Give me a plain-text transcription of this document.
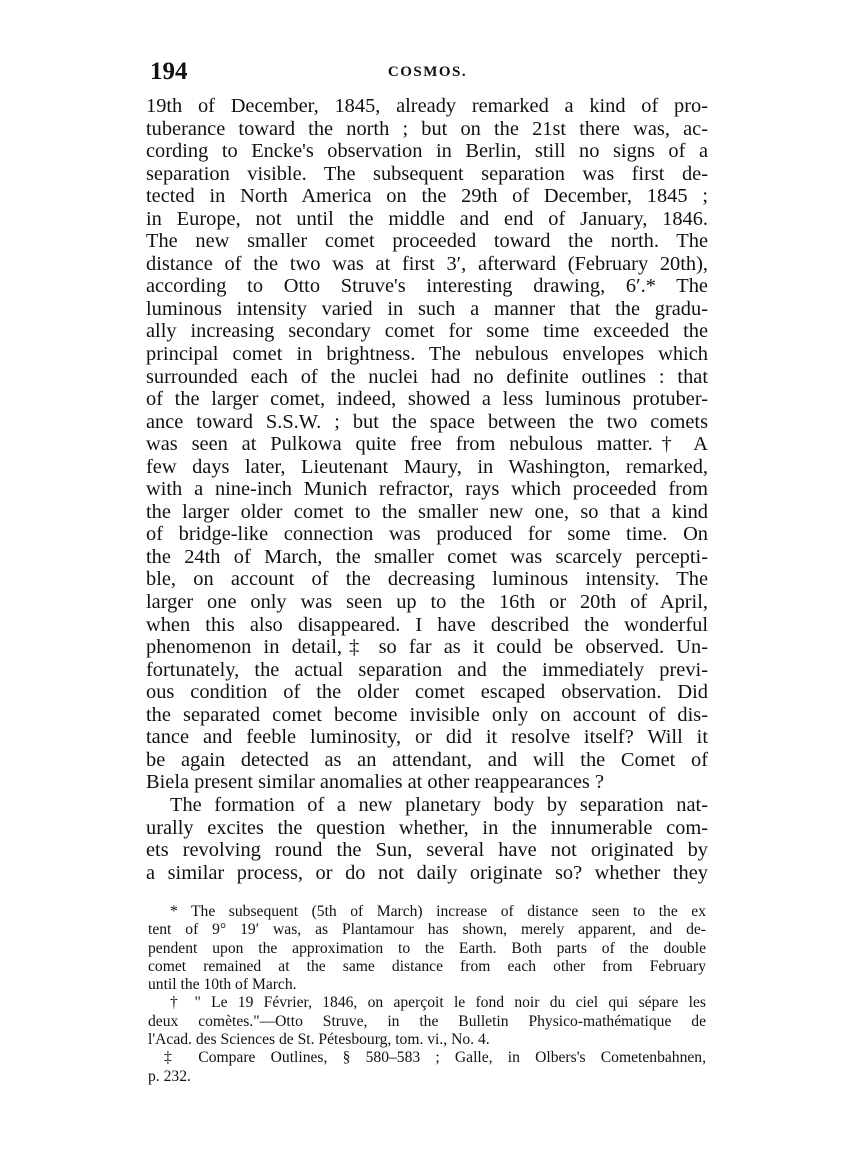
194	COSMOS.
19th of December, 1845, already remarked a kind of pro-
tuberance toward the north ; but on the 21st there was, ac-
cording to Encke's observation in Berlin, still no signs of a
separation visible. The subsequent separation was first de-
tected in North America on the 29th of December, 1845 ;
in Europe, not until the middle and end of January, 1846.
The new smaller comet proceeded toward the north. The
distance of the two was at first 3′, afterward (February 20th),
according to Otto Struve's interesting drawing, 6′.* The
luminous intensity varied in such a manner that the gradu-
ally increasing secondary comet for some time exceeded the
principal comet in brightness. The nebulous envelopes which
surrounded each of the nuclei had no definite outlines : that
of the larger comet, indeed, showed a less luminous protuber-
ance toward S.S.W. ; but the space between the two comets
was seen at Pulkowa quite free from nebulous matter.† A
few days later, Lieutenant Maury, in Washington, remarked,
with a nine-inch Munich refractor, rays which proceeded from
the larger older comet to the smaller new one, so that a kind
of bridge-like connection was produced for some time. On
the 24th of March, the smaller comet was scarcely percepti-
ble, on account of the decreasing luminous intensity. The
larger one only was seen up to the 16th or 20th of April,
when this also disappeared. I have described the wonderful
phenomenon in detail,‡ so far as it could be observed. Un-
fortunately, the actual separation and the immediately previ-
ous condition of the older comet escaped observation. Did
the separated comet become invisible only on account of dis-
tance and feeble luminosity, or did it resolve itself? Will it
be again detected as an attendant, and will the Comet of
Biela present similar anomalies at other reappearances ?
The formation of a new planetary body by separation nat-
urally excites the question whether, in the innumerable com-
ets revolving round the Sun, several have not originated by
a similar process, or do not daily originate so? whether they
* The subsequent (5th of March) increase of distance seen to the ex
tent of 9° 19′ was, as Plantamour has shown, merely apparent, and de-
pendent upon the approximation to the Earth. Both parts of the double
comet remained at the same distance from each other from February
until the 10th of March.
† " Le 19 Février, 1846, on aperçoit le fond noir du ciel qui sépare les
deux comètes."—Otto Struve, in the Bulletin Physico-mathématique de
l'Acad. des Sciences de St. Pétesbourg, tom. vi., No. 4.
‡ Compare Outlines, § 580–583 ; Galle, in Olbers's Cometenbahnen,
p. 232.
